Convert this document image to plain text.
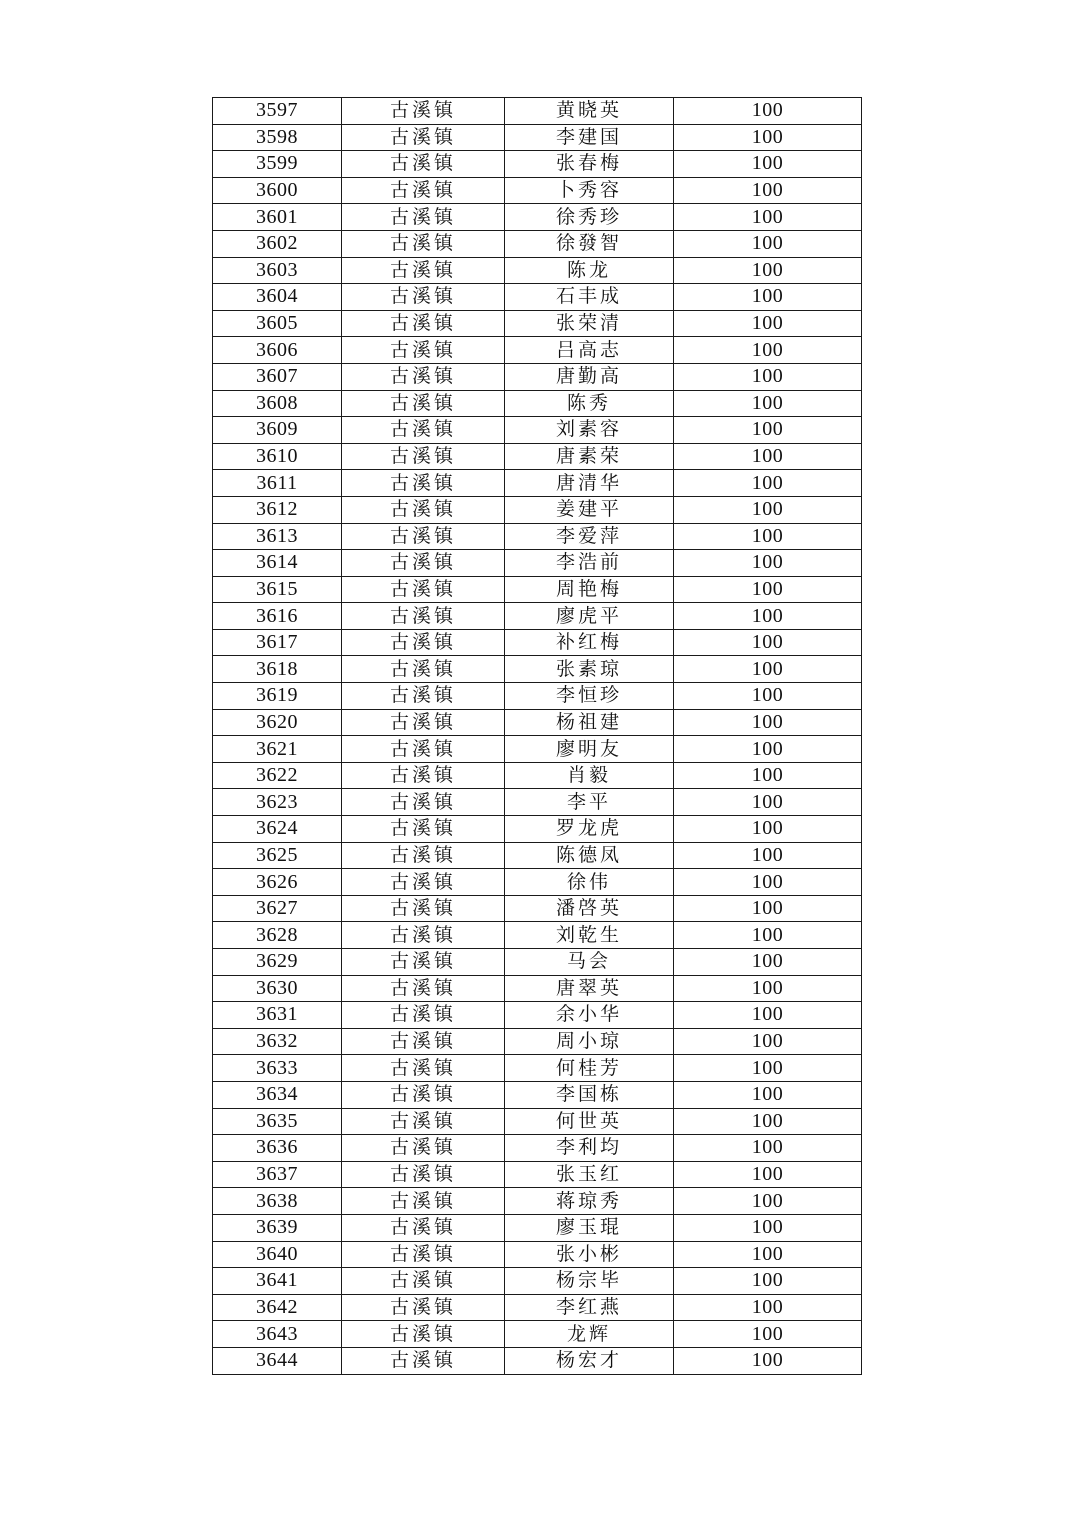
3597	古溪镇	黄晓英	100
3598	古溪镇	李建国	100
3599	古溪镇	张春梅	100
3600	古溪镇	卜秀容	100
3601	古溪镇	徐秀珍	100
3602	古溪镇	徐發智	100
3603	古溪镇	陈龙	100
3604	古溪镇	石丰成	100
3605	古溪镇	张荣清	100
3606	古溪镇	吕高志	100
3607	古溪镇	唐勤高	100
3608	古溪镇	陈秀	100
3609	古溪镇	刘素容	100
3610	古溪镇	唐素荣	100
3611	古溪镇	唐清华	100
3612	古溪镇	姜建平	100
3613	古溪镇	李爱萍	100
3614	古溪镇	李浩前	100
3615	古溪镇	周艳梅	100
3616	古溪镇	廖虎平	100
3617	古溪镇	补红梅	100
3618	古溪镇	张素琼	100
3619	古溪镇	李恒珍	100
3620	古溪镇	杨祖建	100
3621	古溪镇	廖明友	100
3622	古溪镇	肖毅	100
3623	古溪镇	李平	100
3624	古溪镇	罗龙虎	100
3625	古溪镇	陈德凤	100
3626	古溪镇	徐伟	100
3627	古溪镇	潘啓英	100
3628	古溪镇	刘乾生	100
3629	古溪镇	马会	100
3630	古溪镇	唐翠英	100
3631	古溪镇	余小华	100
3632	古溪镇	周小琼	100
3633	古溪镇	何桂芳	100
3634	古溪镇	李国栋	100
3635	古溪镇	何世英	100
3636	古溪镇	李利均	100
3637	古溪镇	张玉红	100
3638	古溪镇	蒋琼秀	100
3639	古溪镇	廖玉琨	100
3640	古溪镇	张小彬	100
3641	古溪镇	杨宗毕	100
3642	古溪镇	李红燕	100
3643	古溪镇	龙辉	100
3644	古溪镇	杨宏才	100
